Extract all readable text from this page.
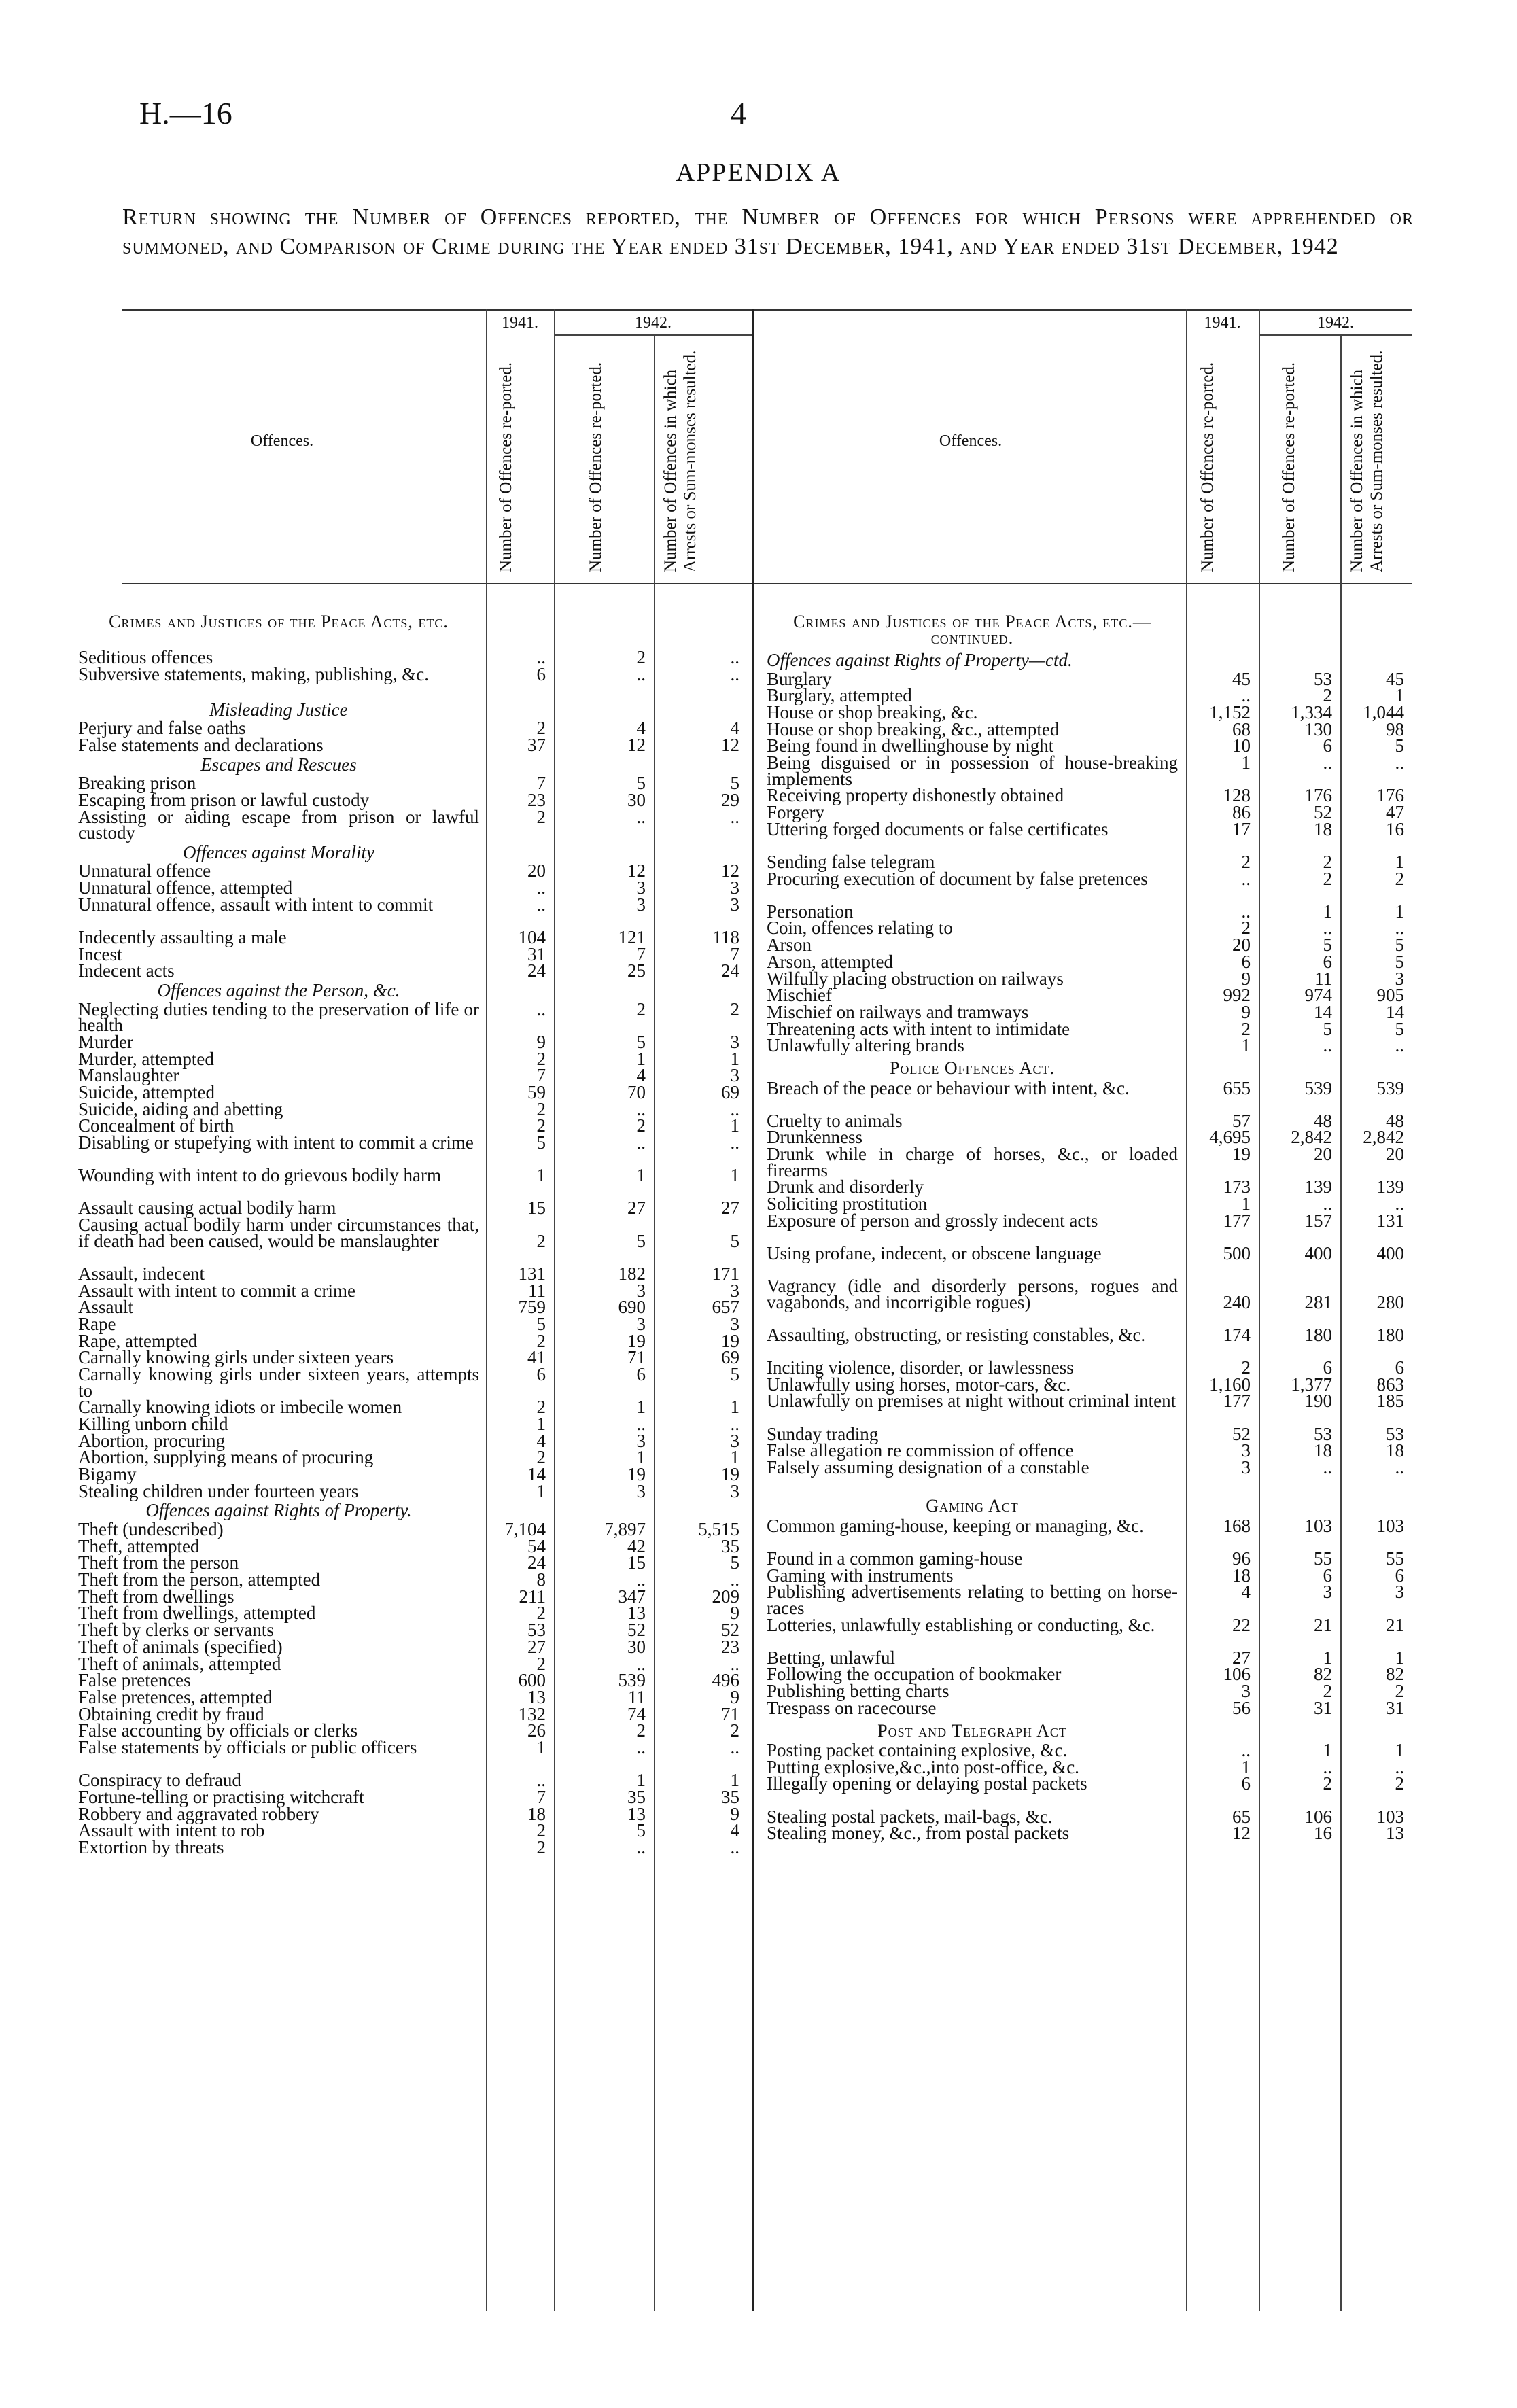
H.—16	4
APPENDIX A
Return showing the Number of Offences reported, the Number of Offences for which Persons were apprehended or summoned, and Comparison of Crime during the Year ended 31st December, 1941, and Year ended 31st December, 1942
Offences.
1941.	1942.
Number of Offences re-ported.	Number of Offences re-ported.	Number of Offences in which Arrests or Sum-monses resulted.	Offences.
1941.	1942.
Number of Offences re-ported.	Number of Offences re-ported.	Number of Offences in which Arrests or Sum-monses resulted.
Crimes and Justices of the Peace Acts, etc.
Seditious offences	..	2	..
Subversive statements, making, publishing, &c.	6	..	..
Misleading Justice
Perjury and false oaths	2	4	4
False statements and declarations	37	12	12
Escapes and Rescues
Breaking prison	7	5	5
Escaping from prison or lawful custody	23	30	29
Assisting or aiding escape from prison or lawful custody
2	..	..
Offences against Morality
Unnatural offence	20	12	12
Unnatural offence, attempted	..	3	3
Unnatural offence, assault with intent to commit	..	3	3
Indecently assaulting a male	104	121	118
Incest	31	7	7
Indecent acts	24	25	24
Offences against the Person, &c.
Neglecting duties tending to the preservation of life or health
..	2	2
Murder	9	5	3
Murder, attempted	2	1	1
Manslaughter	7	4	3
Suicide, attempted	59	70	69
Suicide, aiding and abetting	2	..	..
Concealment of birth	2	2	1
Disabling or stupefying with intent to commit a crime	5	..	..
Wounding with intent to do grievous bodily harm	1	1	1
Assault causing actual bodily harm	15	27	27
Causing actual bodily harm under circumstances that, if death had been caused, would be manslaughter	2	5	5
Assault, indecent	131	182	171
Assault with intent to commit a crime	11	3	3
Assault	759	690	657
Rape	5	3	3
Rape, attempted	2	19	19
Carnally knowing girls under sixteen years	41	71	69
Carnally knowing girls under sixteen years, attempts to
6	6	5
Carnally knowing idiots or imbecile women	2	1	1
Killing unborn child	1	..	..
Abortion, procuring	4	3	3
Abortion, supplying means of procuring	2	1	1
Bigamy	14	19	19
Stealing children under fourteen years	1	3	3
Offences against Rights of Property.
Theft (undescribed)	7,104	7,897	5,515
Theft, attempted	54	42	35
Theft from the person	24	15	5
Theft from the person, attempted	8	..	..
Theft from dwellings	211	347	209
Theft from dwellings, attempted	2	13	9
Theft by clerks or servants	53	52	52
Theft of animals (specified)	27	30	23
Theft of animals, attempted	2	..	..
False pretences	600	539	496
False pretences, attempted	13	11	9
Obtaining credit by fraud	132	74	71
False accounting by officials or clerks	26	2	2
False statements by officials or public officers	1	..	..
Conspiracy to defraud	..	1	1
Fortune-telling or practising witchcraft	7	35	35
Robbery and aggravated robbery	18	13	9
Assault with intent to rob	2	5	4
Extortion by threats	2	..	..
Crimes and Justices of the Peace Acts, etc.—continued.
Offences against Rights of Property—ctd.
Burglary	45	53	45
Burglary, attempted	..	2	1
House or shop breaking, &c.	1,152	1,334	1,044
House or shop breaking, &c., attempted	68	130	98
Being found in dwellinghouse by night	10	6	5
Being disguised or in possession of house-breaking implements
1	..	..
Receiving property dishonestly obtained	128	176	176
Forgery	86	52	47
Uttering forged documents or false certificates	17	18	16
Sending false telegram	2	2	1
Procuring execution of document by false pretences	..	2	2
Personation	..	1	1
Coin, offences relating to	2	..	..
Arson	20	5	5
Arson, attempted	6	6	5
Wilfully placing obstruction on railways	9	11	3
Mischief	992	974	905
Mischief on railways and tramways	9	14	14
Threatening acts with intent to intimidate	2	5	5
Unlawfully altering brands	1	..	..
Police Offences Act.
Breach of the peace or behaviour with intent, &c.	655	539	539
Cruelty to animals	57	48	48
Drunkenness	4,695	2,842	2,842
Drunk while in charge of horses, &c., or loaded firearms
19	20	20
Drunk and disorderly	173	139	139
Soliciting prostitution	1	..	..
Exposure of person and grossly indecent acts	177	157	131
Using profane, indecent, or obscene language	500	400	400
Vagrancy (idle and disorderly persons, rogues and vagabonds, and incorrigible rogues)	240	281	280
Assaulting, obstructing, or resisting constables, &c.	174	180	180
Inciting violence, disorder, or lawlessness	2	6	6
Unlawfully using horses, motor-cars, &c.	1,160	1,377	863
Unlawfully on premises at night without criminal intent	177	190	185
Sunday trading	52	53	53
False allegation re commission of offence	3	18	18
Falsely assuming designation of a constable	3	..	..
Gaming Act
Common gaming-house, keeping or managing, &c.	168	103	103
Found in a common gaming-house	96	55	55
Gaming with instruments	18	6	6
Publishing advertisements relating to betting on horse-races
4	3	3
Lotteries, unlawfully establishing or conducting, &c.	22	21	21
Betting, unlawful	27	1	1
Following the occupation of bookmaker	106	82	82
Publishing betting charts	3	2	2
Trespass on racecourse	56	31	31
Post and Telegraph Act
Posting packet containing explosive, &c.	..	1	1
Putting explosive,&c.,into post-office, &c.	1	..	..
Illegally opening or delaying postal packets	6	2	2
Stealing postal packets, mail-bags, &c.	65	106	103
Stealing money, &c., from postal packets	12	16	13
